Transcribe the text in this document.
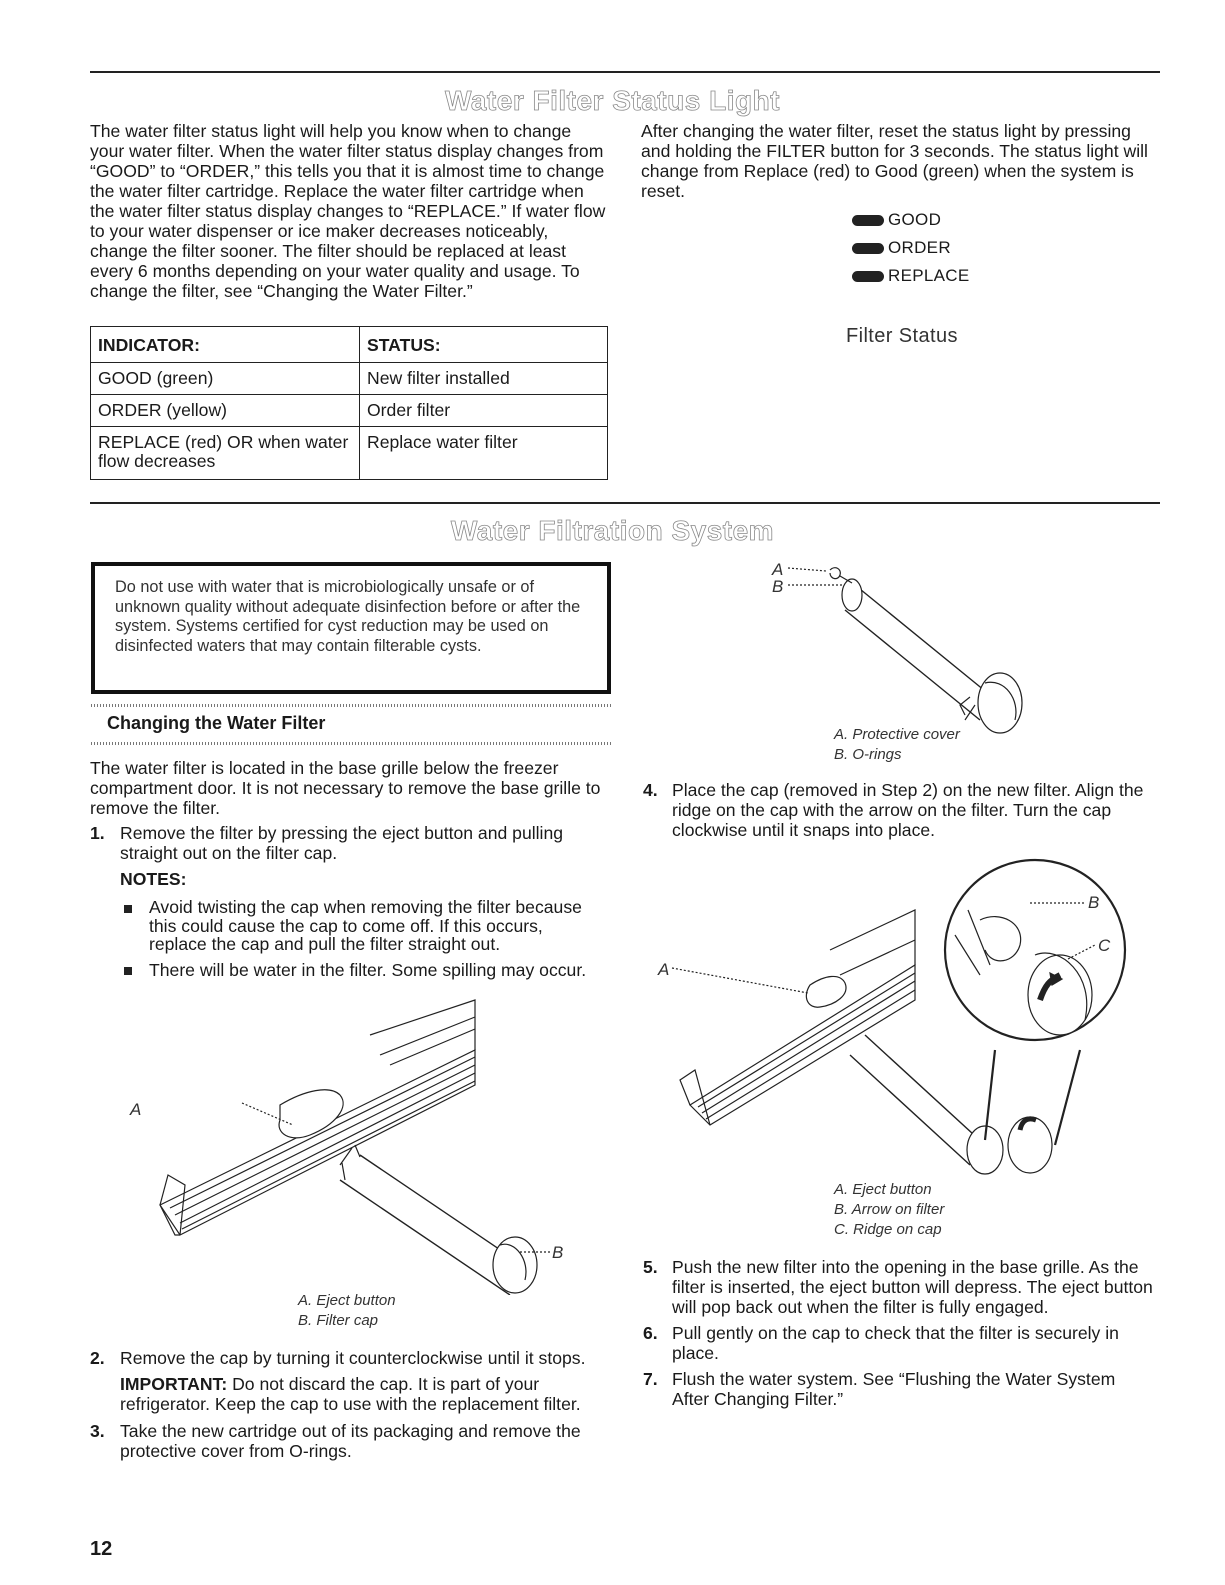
Water Filter Status Light

The water filter status light will help you know when to change your water filter. When the water filter status display changes from “GOOD” to “ORDER,” this tells you that it is almost time to change the water filter cartridge. Replace the water filter cartridge when the water filter status display changes to “REPLACE.” If water flow to your water dispenser or ice maker decreases noticeably, change the filter sooner. The filter should be replaced at least every 6 months depending on your water quality and usage. To change the filter, see “Changing the Water Filter.”

INDICATOR:	STATUS:
GOOD (green)	New filter installed
ORDER (yellow)	Order filter
REPLACE (red) OR when water flow decreases	Replace water filter

After changing the water filter, reset the status light by pressing and holding the FILTER button for 3 seconds. The status light will change from Replace (red) to Good (green) when the system is reset.

GOOD
ORDER
REPLACE
Filter Status
Water Filtration System

Do not use with water that is microbiologically unsafe or of unknown quality without adequate disinfection before or after the system. Systems certified for cyst reduction may be used on disinfected waters that may contain filterable cysts.

Changing the Water Filter

The water filter is located in the base grille below the freezer compartment door. It is not necessary to remove the base grille to remove the filter.

1. Remove the filter by pressing the eject button and pulling straight out on the filter cap.

NOTES:

Avoid twisting the cap when removing the filter because this could cause the cap to come off. If this occurs, replace the cap and pull the filter straight out.

There will be water in the filter. Some spilling may occur.

A
B
A. Eject button
B. Filter cap
2. Remove the cap by turning it counterclockwise until it stops.

IMPORTANT: Do not discard the cap. It is part of your refrigerator. Keep the cap to use with the replacement filter.

3. Take the new cartridge out of its packaging and remove the protective cover from O-rings.

A
B
A. Protective cover
B. O-rings
4. Place the cap (removed in Step 2) on the new filter. Align the ridge on the cap with the arrow on the filter. Turn the cap clockwise until it snaps into place.

A
B
C
A. Eject button
B. Arrow on filter
C. Ridge on cap
5. Push the new filter into the opening in the base grille. As the filter is inserted, the eject button will depress. The eject button will pop back out when the filter is fully engaged.

6. Pull gently on the cap to check that the filter is securely in place.

7. Flush the water system. See “Flushing the Water System After Changing Filter.”

12
